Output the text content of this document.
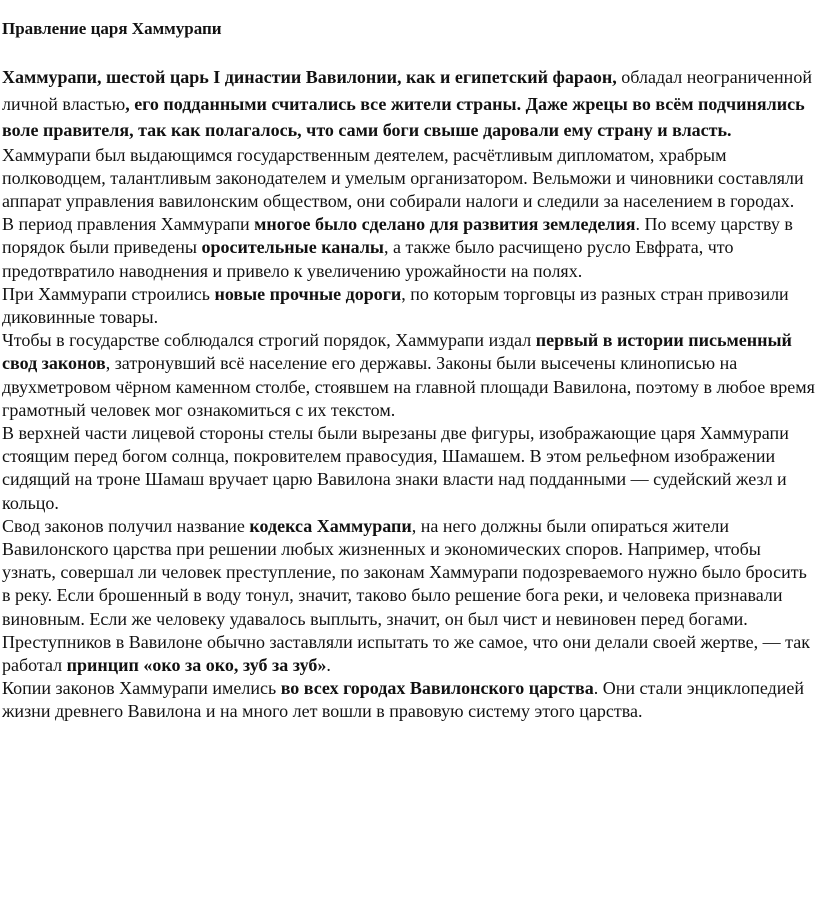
Правление царя Хаммурапи

Хаммурапи, шестой царь I династии Вавилонии, как и египетский фараон, обладал неограниченной личной властью, его подданными считались все жители страны. Даже жрецы во всём подчинялись воле правителя, так как полагалось, что сами боги свыше даровали ему страну и власть.

Хаммурапи был выдающимся государственным деятелем, расчётливым дипломатом, храбрым полководцем, талантливым законодателем и умелым организатором. Вельможи и чиновники составляли аппарат управления вавилонским обществом, они собирали налоги и следили за населением в городах.

В период правления Хаммурапи многое было сделано для развития земледелия. По всему царству в порядок были приведены оросительные каналы, а также было расчищено русло Евфрата, что предотвратило наводнения и привело к увеличению урожайности на полях.

При Хаммурапи строились новые прочные дороги, по которым торговцы из разных стран привозили диковинные товары.

Чтобы в государстве соблюдался строгий порядок, Хаммурапи издал первый в истории письменный свод законов, затронувший всё население его державы. Законы были высечены клинописью на двухметровом чёрном каменном столбе, стоявшем на главной площади Вавилона, поэтому в любое время грамотный человек мог ознакомиться с их текстом.

В верхней части лицевой стороны стелы были вырезаны две фигуры, изображающие царя Хаммурапи стоящим перед богом солнца, покровителем правосудия, Шамашем. В этом рельефном изображении сидящий на троне Шамаш вручает царю Вавилона знаки власти над подданными — судейский жезл и кольцо.

Свод законов получил название кодекса Хаммурапи, на него должны были опираться жители Вавилонского царства при решении любых жизненных и экономических споров. Например, чтобы узнать, совершал ли человек преступление, по законам Хаммурапи подозреваемого нужно было бросить в реку. Если брошенный в воду тонул, значит, таково было решение бога реки, и человека признавали виновным. Если же человеку удавалось выплыть, значит, он был чист и невиновен перед богами.

Преступников в Вавилоне обычно заставляли испытать то же самое, что они делали своей жертве, — так работал принцип «око за око, зуб за зуб».

Копии законов Хаммурапи имелись во всех городах Вавилонского царства. Они стали энциклопедией жизни древнего Вавилона и на много лет вошли в правовую систему этого царства.
